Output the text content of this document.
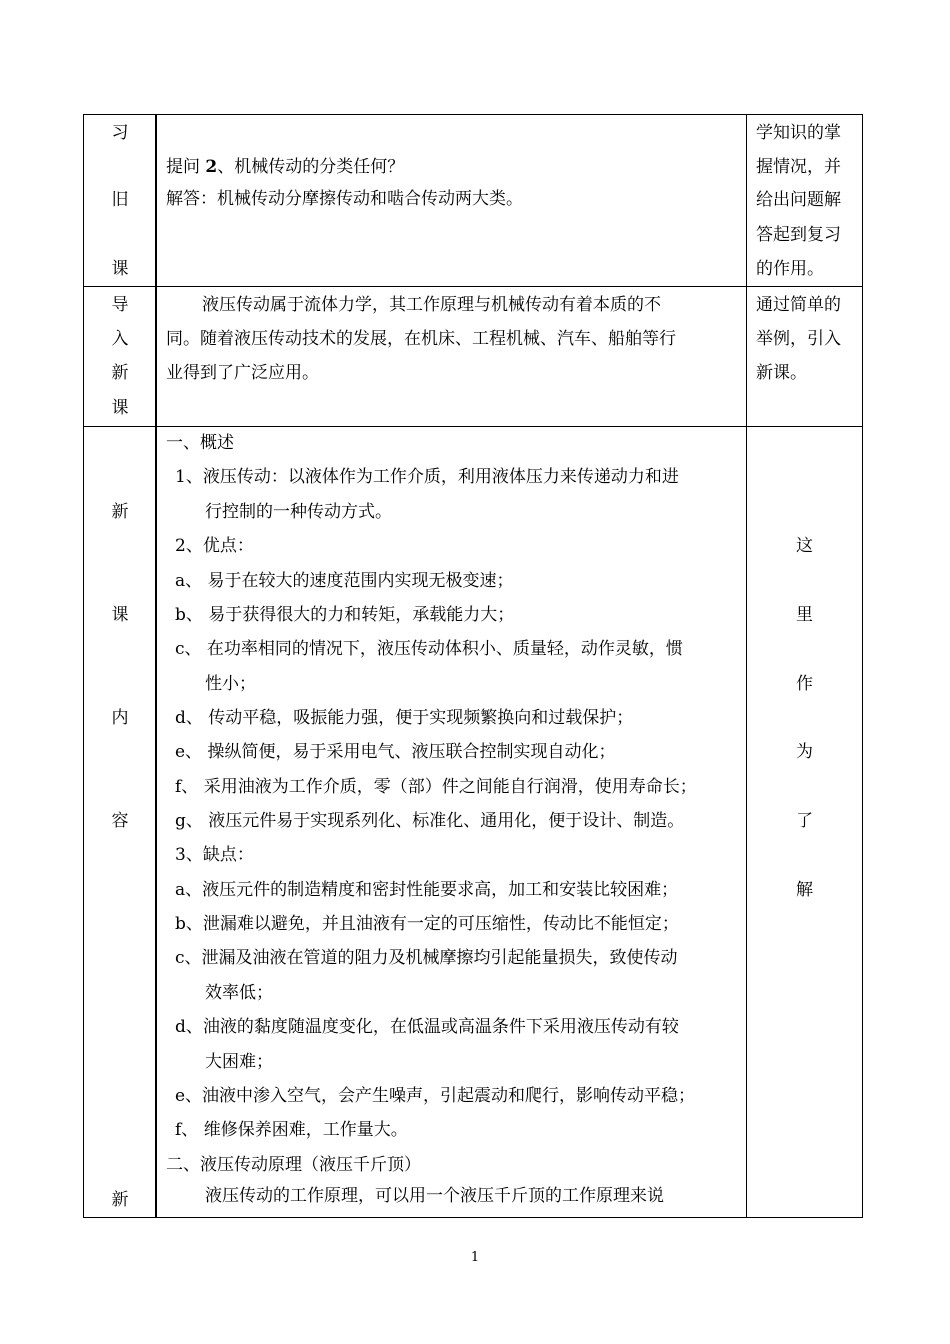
习
旧
课
提问 2、机械传动的分类任何？
解答：机械传动分摩擦传动和啮合传动两大类。
学知识的掌
握情况，并
给出问题解
答起到复习
的作用。
导
入
新
课
液压传动属于流体力学，其工作原理与机械传动有着本质的不
同。随着液压传动技术的发展，在机床、工程机械、汽车、船舶等行
业得到了广泛应用。
通过简单的
举例，引入
新课。
新
课
内
容
新
一、概述
1、液压传动：以液体作为工作介质，利用液体压力来传递动力和进
行控制的一种传动方式。
2、优点：
a、 易于在较大的速度范围内实现无极变速；
b、 易于获得很大的力和转矩，承载能力大；
c、 在功率相同的情况下，液压传动体积小、质量轻，动作灵敏，惯
性小；
d、 传动平稳，吸振能力强，便于实现频繁换向和过载保护；
e、 操纵简便，易于采用电气、液压联合控制实现自动化；
f、 采用油液为工作介质，零（部）件之间能自行润滑，使用寿命长；
g、 液压元件易于实现系列化、标准化、通用化，便于设计、制造。
3、缺点：
a、液压元件的制造精度和密封性能要求高，加工和安装比较困难；
b、泄漏难以避免，并且油液有一定的可压缩性，传动比不能恒定；
c、泄漏及油液在管道的阻力及机械摩擦均引起能量损失，致使传动
效率低；
d、油液的黏度随温度变化，在低温或高温条件下采用液压传动有较
大困难；
e、油液中渗入空气，会产生噪声，引起震动和爬行，影响传动平稳；
f、 维修保养困难，工作量大。
二、液压传动原理（液压千斤顶）
液压传动的工作原理，可以用一个液压千斤顶的工作原理来说
这
里
作
为
了
解
1
